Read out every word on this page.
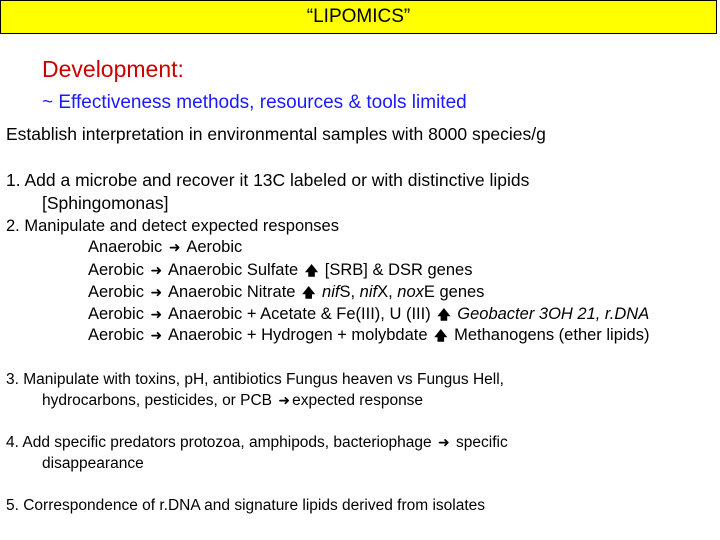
“LIPOMICS”
Development:
~ Effectiveness methods, resources & tools limited
Establish interpretation in environmental samples with 8000 species/g
1. Add a microbe and recover it 13C labeled or with distinctive lipids
[Sphingomonas]
2. Manipulate and detect expected responses
Anaerobic ➜ Aerobic
Aerobic ➜ Anaerobic Sulfate 🡅 [SRB] & DSR genes
Aerobic ➜ Anaerobic Nitrate 🡅 nifS, nifX, noxE genes
Aerobic ➜ Anaerobic + Acetate & Fe(III), U (III) 🡅 Geobacter 3OH 21, r.DNA
Aerobic ➜ Anaerobic + Hydrogen + molybdate 🡅 Methanogens (ether lipids)
3. Manipulate with toxins, pH, antibiotics Fungus heaven vs Fungus Hell,
hydrocarbons, pesticides, or PCB ➜ expected response
4. Add specific predators protozoa, amphipods, bacteriophage ➜ specific
disappearance
5. Correspondence of r.DNA and signature lipids derived from isolates
